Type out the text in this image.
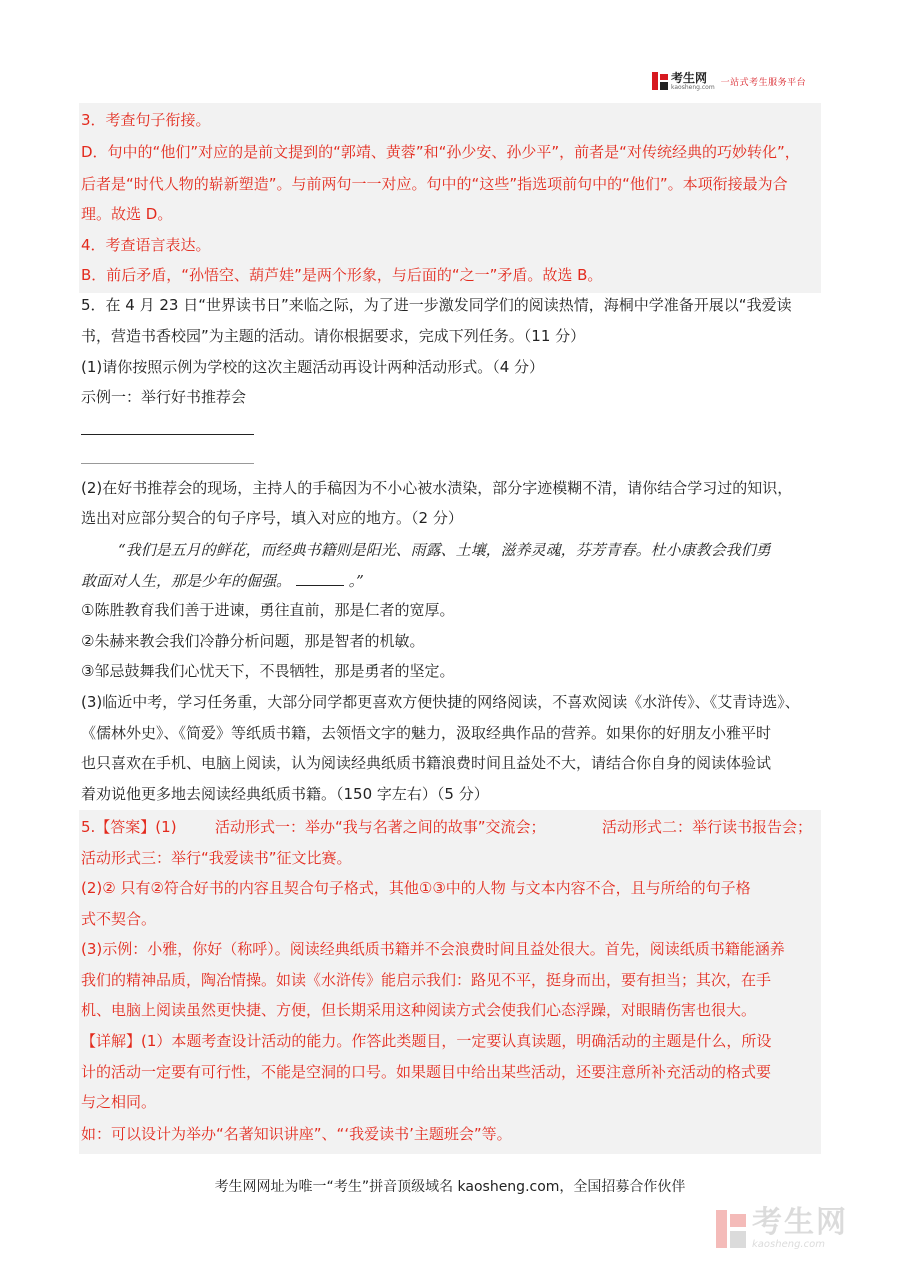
考生网
kaosheng.com 一站式考生服务平台
3．考查句子衔接。
D．句中的“他们”对应的是前文提到的“郭靖、黄蓉”和“孙少安、孙少平”，前者是“对传统经典的巧妙转化”，
后者是“时代人物的崭新塑造”。与前两句一一对应。句中的“这些”指选项前句中的“他们”。本项衔接最为合
理。故选 D。
4．考查语言表达。
B．前后矛盾，“孙悟空、葫芦娃”是两个形象，与后面的“之一”矛盾。故选 B。
5．在 4 月 23 日“世界读书日”来临之际，为了进一步激发同学们的阅读热情，海桐中学准备开展以“我爱读
书，营造书香校园”为主题的活动。请你根据要求，完成下列任务。（11 分）
(1)请你按照示例为学校的这次主题活动再设计两种活动形式。（4 分）
示例一：举行好书推荐会
(2)在好书推荐会的现场，主持人的手稿因为不小心被水渍染，部分字迹模糊不清，请你结合学习过的知识，
选出对应部分契合的句子序号，填入对应的地方。（2 分）
“我们是五月的鲜花，而经典书籍则是阳光、雨露、土壤，滋养灵魂，芬芳青春。杜小康教会我们勇
敢面对人生，那是少年的倔强。	。”
①陈胜教育我们善于进谏，勇往直前，那是仁者的宽厚。
②朱赫来教会我们冷静分析问题，那是智者的机敏。
③邹忌鼓舞我们心忧天下，不畏牺牲，那是勇者的坚定。
(3)临近中考，学习任务重，大部分同学都更喜欢方便快捷的网络阅读，不喜欢阅读《水浒传》、《艾青诗选》、
《儒林外史》、《简爱》等纸质书籍，去领悟文字的魅力，汲取经典作品的营养。如果你的好朋友小雅平时
也只喜欢在手机、电脑上阅读，认为阅读经典纸质书籍浪费时间且益处不大，请结合你自身的阅读体验试
着劝说他更多地去阅读经典纸质书籍。（150 字左右）（5 分）
5.【答案】(1)	活动形式一：举办“我与名著之间的故事”交流会；	活动形式二：举行读书报告会；
活动形式三：举行“我爱读书”征文比赛。
(2)② 只有②符合好书的内容且契合句子格式，其他①③中的人物 与文本内容不合，且与所给的句子格
式不契合。
(3)示例：小雅，你好（称呼）。阅读经典纸质书籍并不会浪费时间且益处很大。首先，阅读纸质书籍能涵养
我们的精神品质，陶冶情操。如读《水浒传》能启示我们：路见不平，挺身而出，要有担当；其次，在手
机、电脑上阅读虽然更快捷、方便，但长期采用这种阅读方式会使我们心态浮躁，对眼睛伤害也很大。
【详解】(1）本题考查设计活动的能力。作答此类题目，一定要认真读题，明确活动的主题是什么，所设
计的活动一定要有可行性，不能是空洞的口号。如果题目中给出某些活动，还要注意所补充活动的格式要
与之相同。
如：可以设计为举办“名著知识讲座”、“‘我爱读书’主题班会”等。
考生网网址为唯一“考生”拼音顶级域名 kaosheng.com，全国招募合作伙伴
考生网
kaosheng.com
